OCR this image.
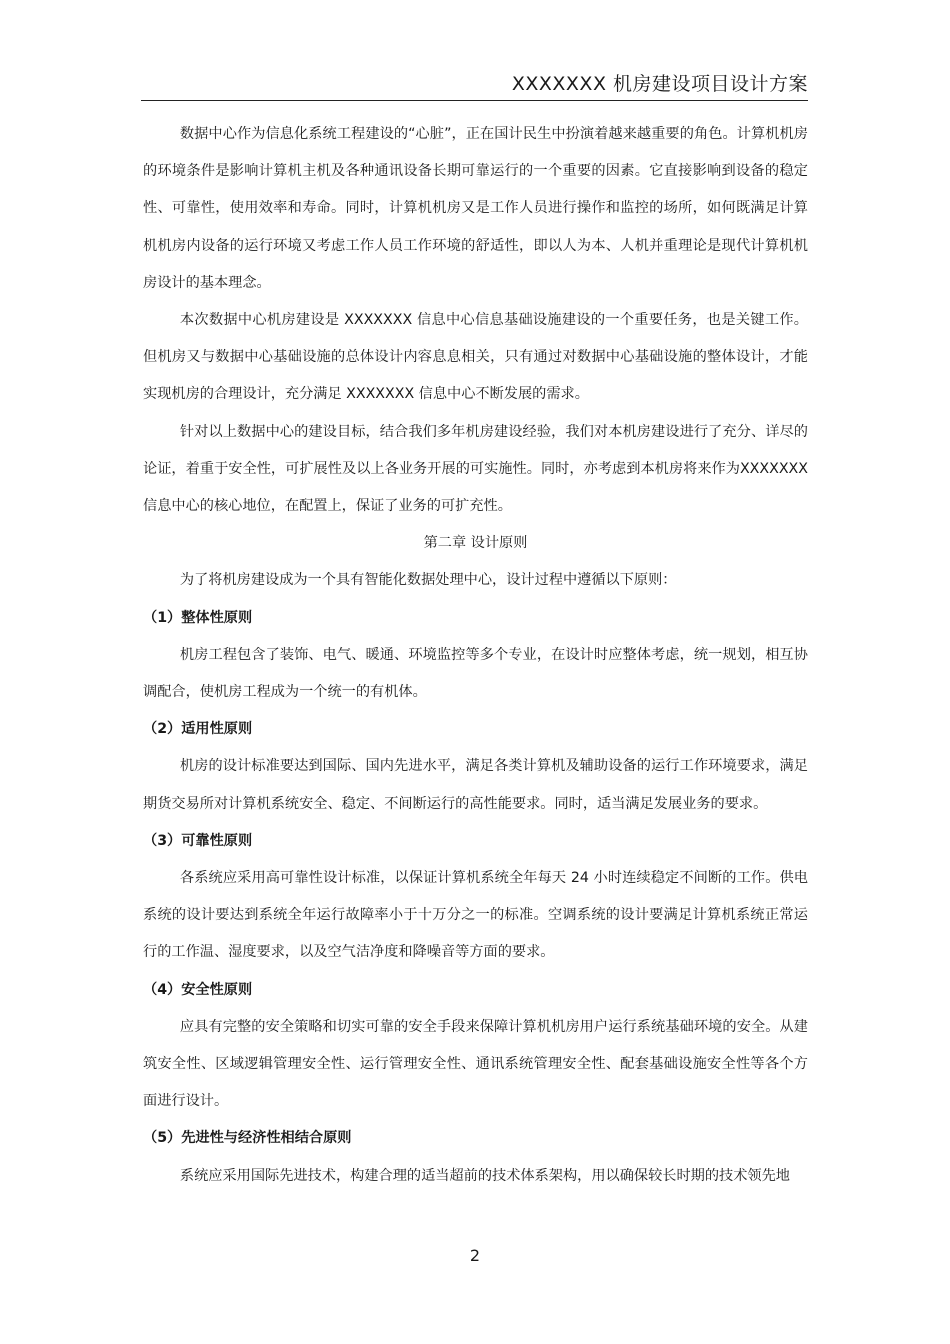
XXXXXXX 机房建设项目设计方案

数据中心作为信息化系统工程建设的“心脏”，正在国计民生中扮演着越来越重要的角色。计算机机房的环境条件是影响计算机主机及各种通讯设备长期可靠运行的一个重要的因素。它直接影响到设备的稳定性、可靠性，使用效率和寿命。同时，计算机机房又是工作人员进行操作和监控的场所，如何既满足计算机机房内设备的运行环境又考虑工作人员工作环境的舒适性，即以人为本、人机并重理论是现代计算机机房设计的基本理念。

本次数据中心机房建设是 XXXXXXX 信息中心信息基础设施建设的一个重要任务，也是关键工作。但机房又与数据中心基础设施的总体设计内容息息相关，只有通过对数据中心基础设施的整体设计，才能实现机房的合理设计，充分满足 XXXXXXX 信息中心不断发展的需求。

针对以上数据中心的建设目标，结合我们多年机房建设经验，我们对本机房建设进行了充分、详尽的论证，着重于安全性，可扩展性及以上各业务开展的可实施性。同时，亦考虑到本机房将来作为XXXXXXX 信息中心的核心地位，在配置上，保证了业务的可扩充性。

第二章 设计原则

为了将机房建设成为一个具有智能化数据处理中心，设计过程中遵循以下原则：

（1）整体性原则

机房工程包含了装饰、电气、暖通、环境监控等多个专业，在设计时应整体考虑，统一规划，相互协调配合，使机房工程成为一个统一的有机体。

（2）适用性原则

机房的设计标准要达到国际、国内先进水平，满足各类计算机及辅助设备的运行工作环境要求，满足期货交易所对计算机系统安全、稳定、不间断运行的高性能要求。同时，适当满足发展业务的要求。

（3）可靠性原则

各系统应采用高可靠性设计标准，以保证计算机系统全年每天 24 小时连续稳定不间断的工作。供电系统的设计要达到系统全年运行故障率小于十万分之一的标准。空调系统的设计要满足计算机系统正常运行的工作温、湿度要求，以及空气洁净度和降噪音等方面的要求。

（4）安全性原则

应具有完整的安全策略和切实可靠的安全手段来保障计算机机房用户运行系统基础环境的安全。从建筑安全性、区域逻辑管理安全性、运行管理安全性、通讯系统管理安全性、配套基础设施安全性等各个方面进行设计。

（5）先进性与经济性相结合原则

系统应采用国际先进技术，构建合理的适当超前的技术体系架构，用以确保较长时期的技术领先地

2
